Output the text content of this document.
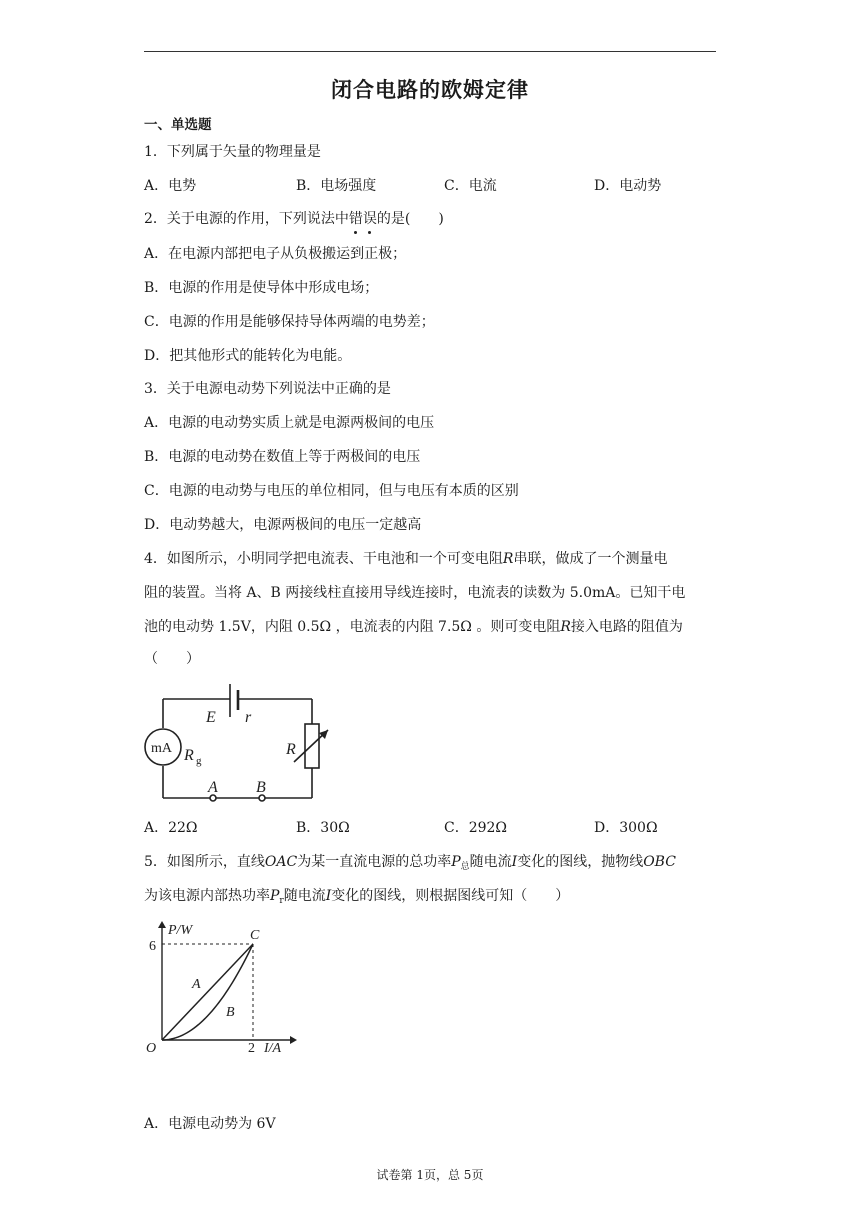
闭合电路的欧姆定律
一、单选题
1．下列属于矢量的物理量是
A．电势	B．电场强度	C．电流	D．电动势
2．关于电源的作用，下列说法中错
误
的是(　　)
A．在电源内部把电子从负极搬运到正极；
B．电源的作用是使导体中形成电场；
C．电源的作用是能够保持导体两端的电势差；
D．把其他形式的能转化为电能。
3．关于电源电动势下列说法中正确的是
A．电源的电动势实质上就是电源两极间的电压
B．电源的电动势在数值上等于两极间的电压
C．电源的电动势与电压的单位相同，但与电压有本质的区别
D．电动势越大，电源两极间的电压一定越高
4．如图所示，小明同学把电流表、干电池和一个可变电阻R串联，做成了一个测量电
阻的装置。当将 A、B 两接线柱直接用导线连接时，电流表的读数为 5.0mA。已知干电
池的电动势 1.5V，内阻 0.5Ω ，电流表的内阻 7.5Ω 。则可变电阻R接入电路的阻值为
（　　）
E r
mA R g
R
A B
A．22Ω	B．30Ω	C．292Ω	D．300Ω
5．如图所示，直线OAC为某一直流电源的总功率$P_总$随电流I变化的图线，抛物线OBC
为该电源内部热功率$P_r$随电流I变化的图线，则根据图线可知（　　）
P/W
6
C
A
B
O	2 I/A
A．电源电动势为 6V
试卷第 1页，总 5页
